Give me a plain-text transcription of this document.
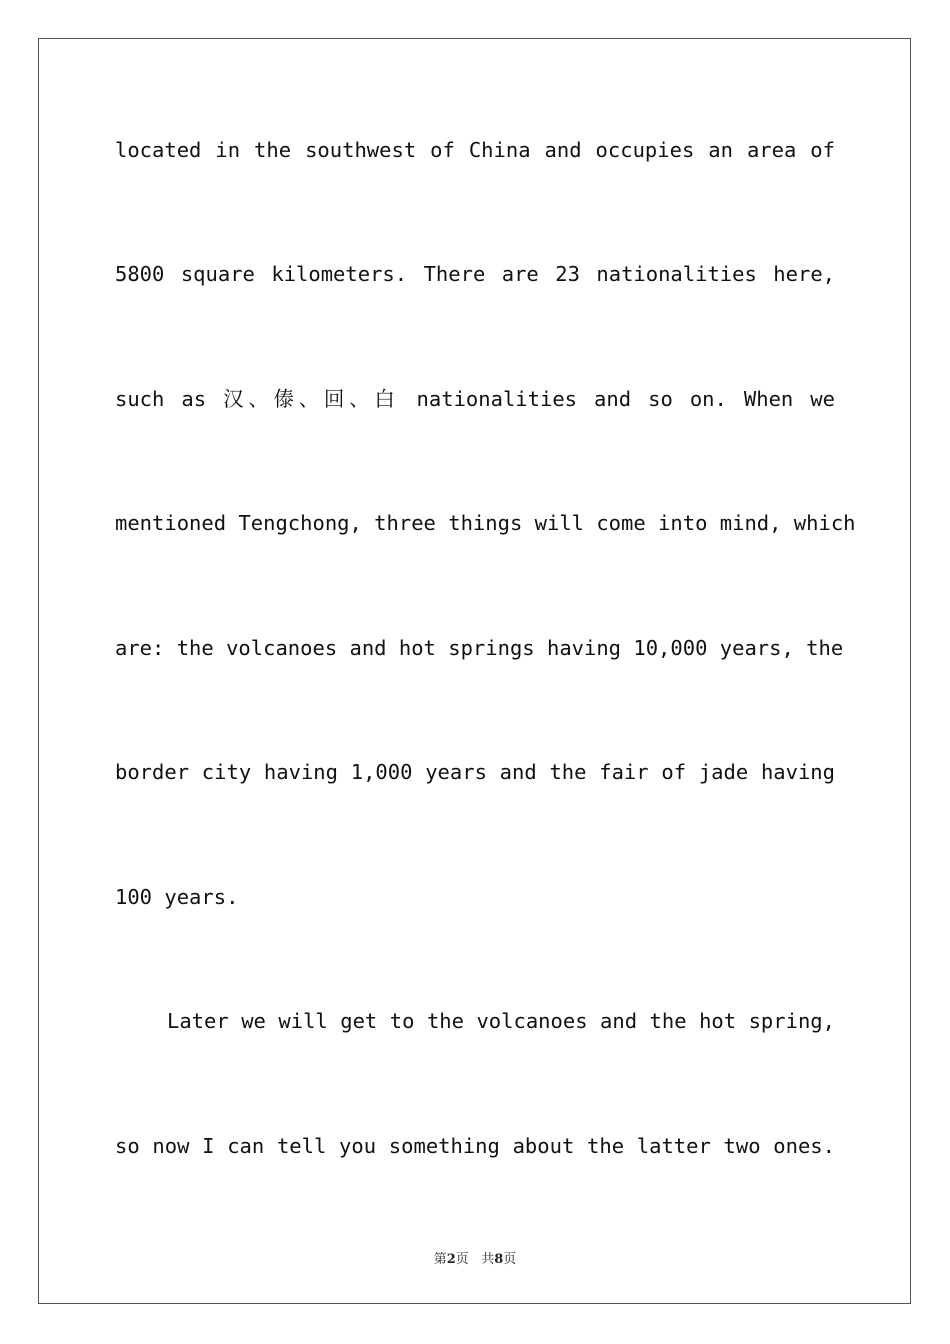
located in the southwest of China and occupies an area of
5800 square kilometers. There are 23 nationalities here,
such as 汉、傣、回、白 nationalities and so on. When we
mentioned Tengchong, three things will come into mind, which
are: the volcanoes and hot springs having 10,000 years, the
border city having 1,000 years and the fair of jade having
100 years.
Later we will get to the volcanoes and the hot spring,
so now I can tell you something about the latter two ones.
第2页 共8页
